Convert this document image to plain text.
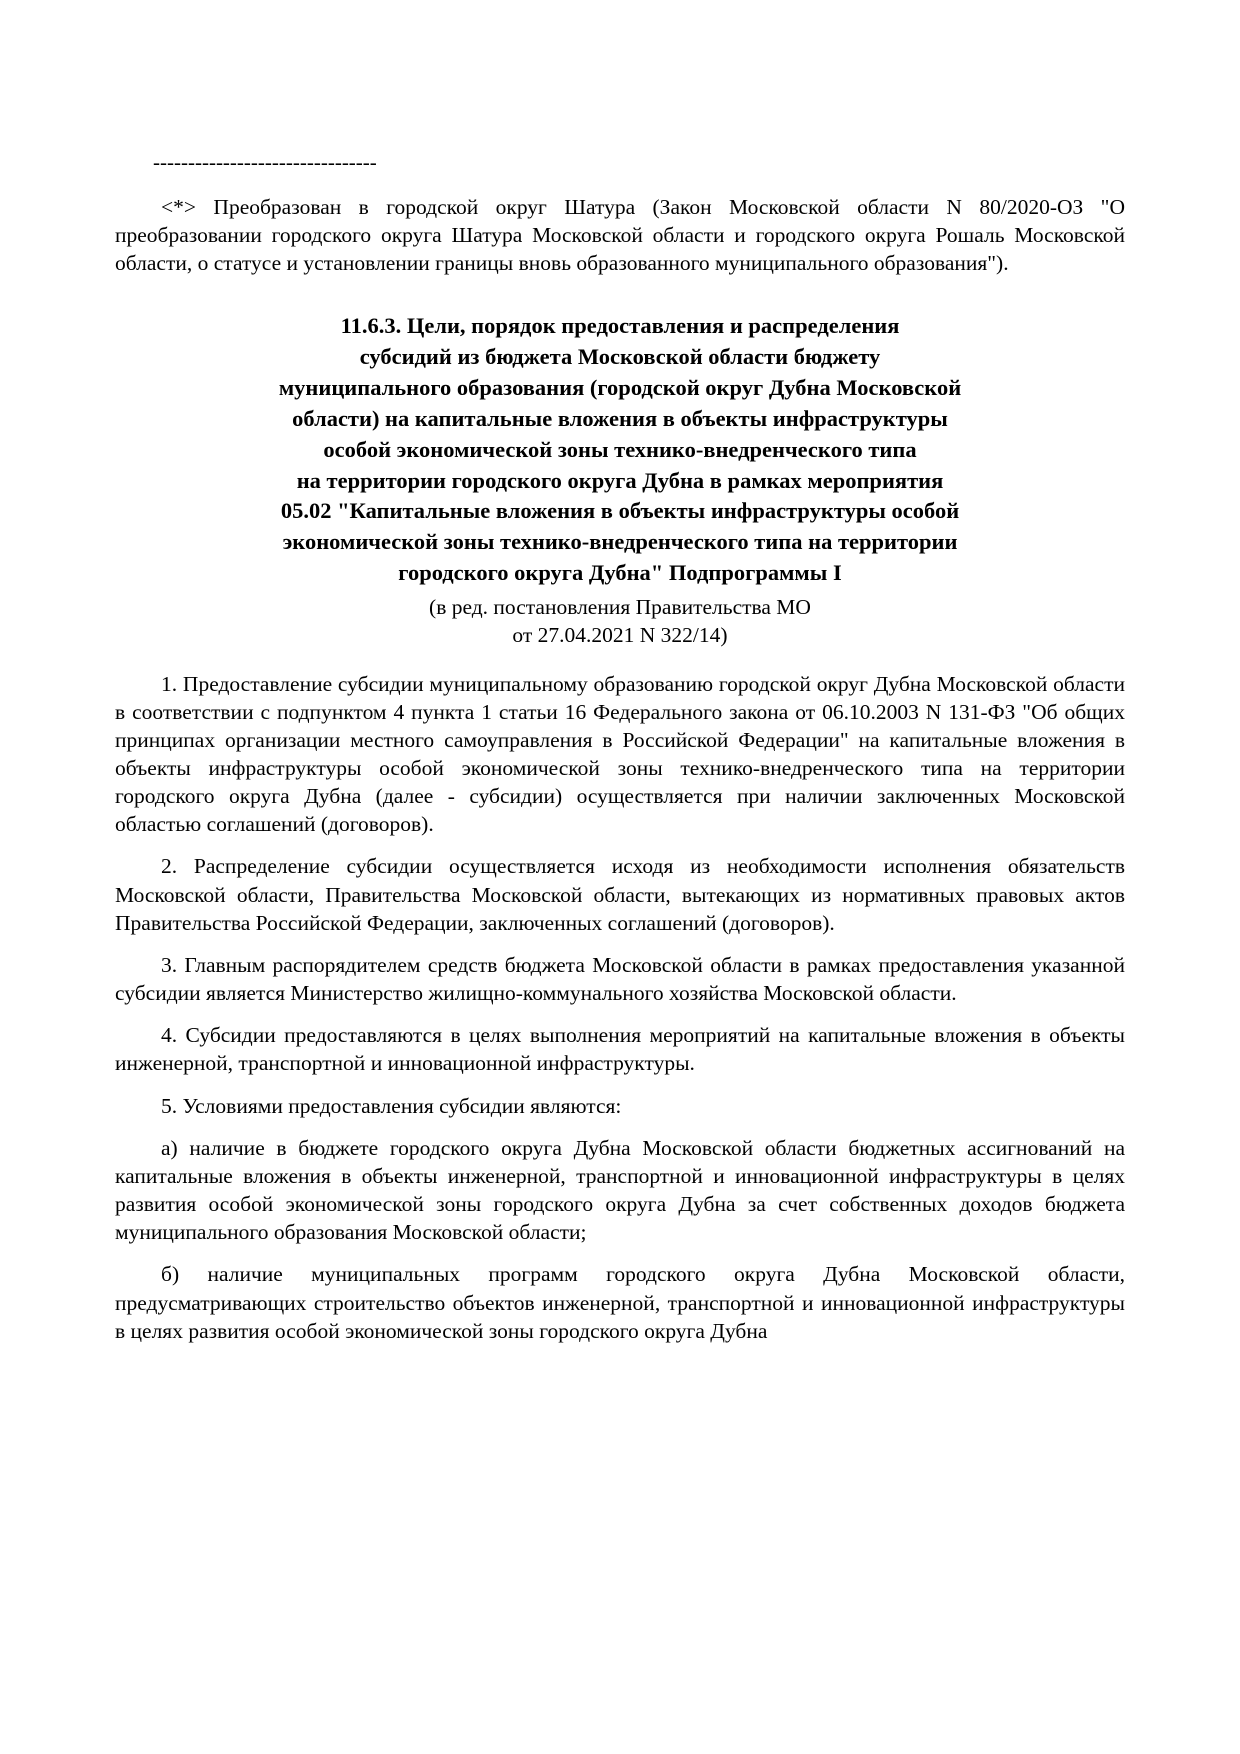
--------------------------------

<*> Преобразован в городской округ Шатура (Закон Московской области N 80/2020-ОЗ "О преобразовании городского округа Шатура Московской области и городского округа Рошаль Московской области, о статусе и установлении границы вновь образованного муниципального образования").

11.6.3. Цели, порядок предоставления и распределения
субсидий из бюджета Московской области бюджету
муниципального образования (городской округ Дубна Московской
области) на капитальные вложения в объекты инфраструктуры
особой экономической зоны технико-внедренческого типа
на территории городского округа Дубна в рамках мероприятия
05.02 "Капитальные вложения в объекты инфраструктуры особой
экономической зоны технико-внедренческого типа на территории
городского округа Дубна" Подпрограммы I
(в ред. постановления Правительства МО
от 27.04.2021 N 322/14)

1. Предоставление субсидии муниципальному образованию городской округ Дубна Московской области в соответствии с подпунктом 4 пункта 1 статьи 16 Федерального закона от 06.10.2003 N 131-ФЗ "Об общих принципах организации местного самоуправления в Российской Федерации" на капитальные вложения в объекты инфраструктуры особой экономической зоны технико-внедренческого типа на территории городского округа Дубна (далее - субсидии) осуществляется при наличии заключенных Московской областью соглашений (договоров).

2. Распределение субсидии осуществляется исходя из необходимости исполнения обязательств Московской области, Правительства Московской области, вытекающих из нормативных правовых актов Правительства Российской Федерации, заключенных соглашений (договоров).

3. Главным распорядителем средств бюджета Московской области в рамках предоставления указанной субсидии является Министерство жилищно-коммунального хозяйства Московской области.

4. Субсидии предоставляются в целях выполнения мероприятий на капитальные вложения в объекты инженерной, транспортной и инновационной инфраструктуры.

5. Условиями предоставления субсидии являются:

а) наличие в бюджете городского округа Дубна Московской области бюджетных ассигнований на капитальные вложения в объекты инженерной, транспортной и инновационной инфраструктуры в целях развития особой экономической зоны городского округа Дубна за счет собственных доходов бюджета муниципального образования Московской области;

б) наличие муниципальных программ городского округа Дубна Московской области, предусматривающих строительство объектов инженерной, транспортной и инновационной инфраструктуры в целях развития особой экономической зоны городского округа Дубна
